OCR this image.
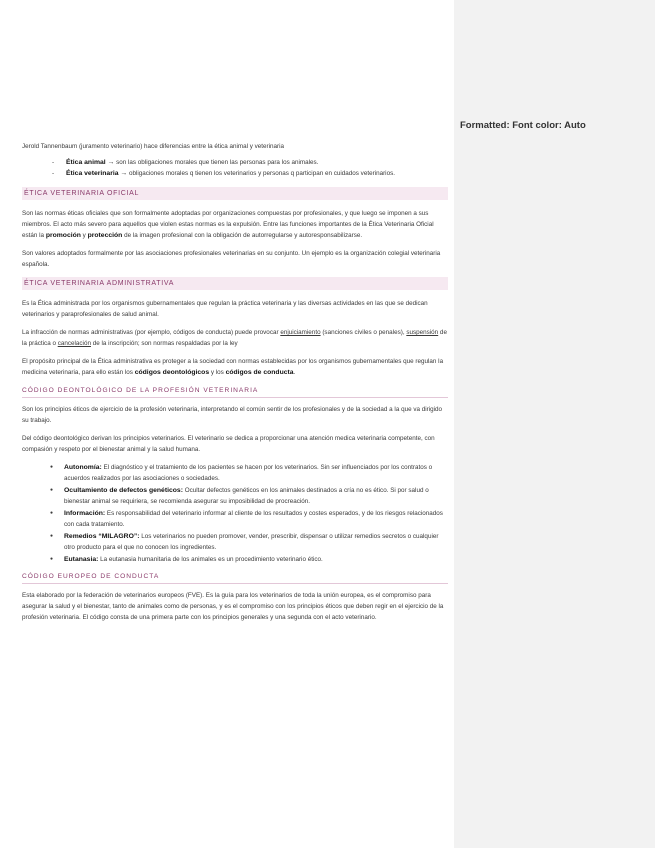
Formatted: Font color: Auto

Jerold Tannenbaum (juramento veterinario) hace diferencias entre la ética animal y veterinaria

- Ética animal → son las obligaciones morales que tienen las personas para los animales.
- Ética veterinaria → obligaciones morales q tienen los veterinarios y personas q participan en cuidados veterinarios.
ÉTICA VETERINARIA OFICIAL

Son las normas éticas oficiales que son formalmente adoptadas por organizaciones compuestas por profesionales, y que luego se imponen a sus miembros. El acto más severo para aquellos que violen estas normas es la expulsión. Entre las funciones importantes de la Ética Veterinaria Oficial están la promoción y protección de la imagen profesional con la obligación de autorregularse y autoresponsabilizarse.

Son valores adoptados formalmente por las asociaciones profesionales veterinarias en su conjunto. Un ejemplo es la organización colegial veterinaria española.

ÉTICA VETERINARIA ADMINISTRATIVA

Es la Ética administrada por los organismos gubernamentales que regulan la práctica veterinaria y las diversas actividades en las que se dedican veterinarios y paraprofesionales de salud animal.

La infracción de normas administrativas (por ejemplo, códigos de conducta) puede provocar enjuiciamiento (sanciones civiles o penales), suspensión de la práctica o cancelación de la inscripción; son normas respaldadas por la ley

El propósito principal de la Ética administrativa es proteger a la sociedad con normas establecidas por los organismos gubernamentales que regulan la medicina veterinaria, para ello están los códigos deontológicos y los códigos de conducta.

CÓDIGO DEONTOLÓGICO DE LA PROFESIÓN VETERINARIA

Son los principios éticos de ejercicio de la profesión veterinaria, interpretando el común sentir de los profesionales y de la sociedad a la que va dirigido su trabajo.

Del código deontológico derivan los principios veterinarios. El veterinario se dedica a proporcionar una atención medica veterinaria competente, con compasión y respeto por el bienestar animal y la salud humana.

● Autonomía: El diagnóstico y el tratamiento de los pacientes se hacen por los veterinarios. Sin ser influenciados por los contratos o acuerdos realizados por las asociaciones o sociedades.
● Ocultamiento de defectos genéticos: Ocultar defectos genéticos en los animales destinados a cría no es ético. Si por salud o bienestar animal se requiriera, se recomienda asegurar su imposibilidad de procreación.
● Información: Es responsabilidad del veterinario informar al cliente de los resultados y costes esperados, y de los riesgos relacionados con cada tratamiento.
● Remedios “MILAGRO”: Los veterinarios no pueden promover, vender, prescribir, dispensar o utilizar remedios secretos o cualquier otro producto para el que no conocen los ingredientes.
● Eutanasia: La eutanasia humanitaria de los animales es un procedimiento veterinario ético.
CÓDIGO EUROPEO DE CONDUCTA

Esta elaborado por la federación de veterinarios europeos (FVE). Es la guía para los veterinarios de toda la unión europea, es el compromiso para asegurar la salud y el bienestar, tanto de animales como de personas, y es el compromiso con los principios éticos que deben regir en el ejercicio de la profesión veterinaria. El código consta de una primera parte con los principios generales y una segunda con el acto veterinario.
